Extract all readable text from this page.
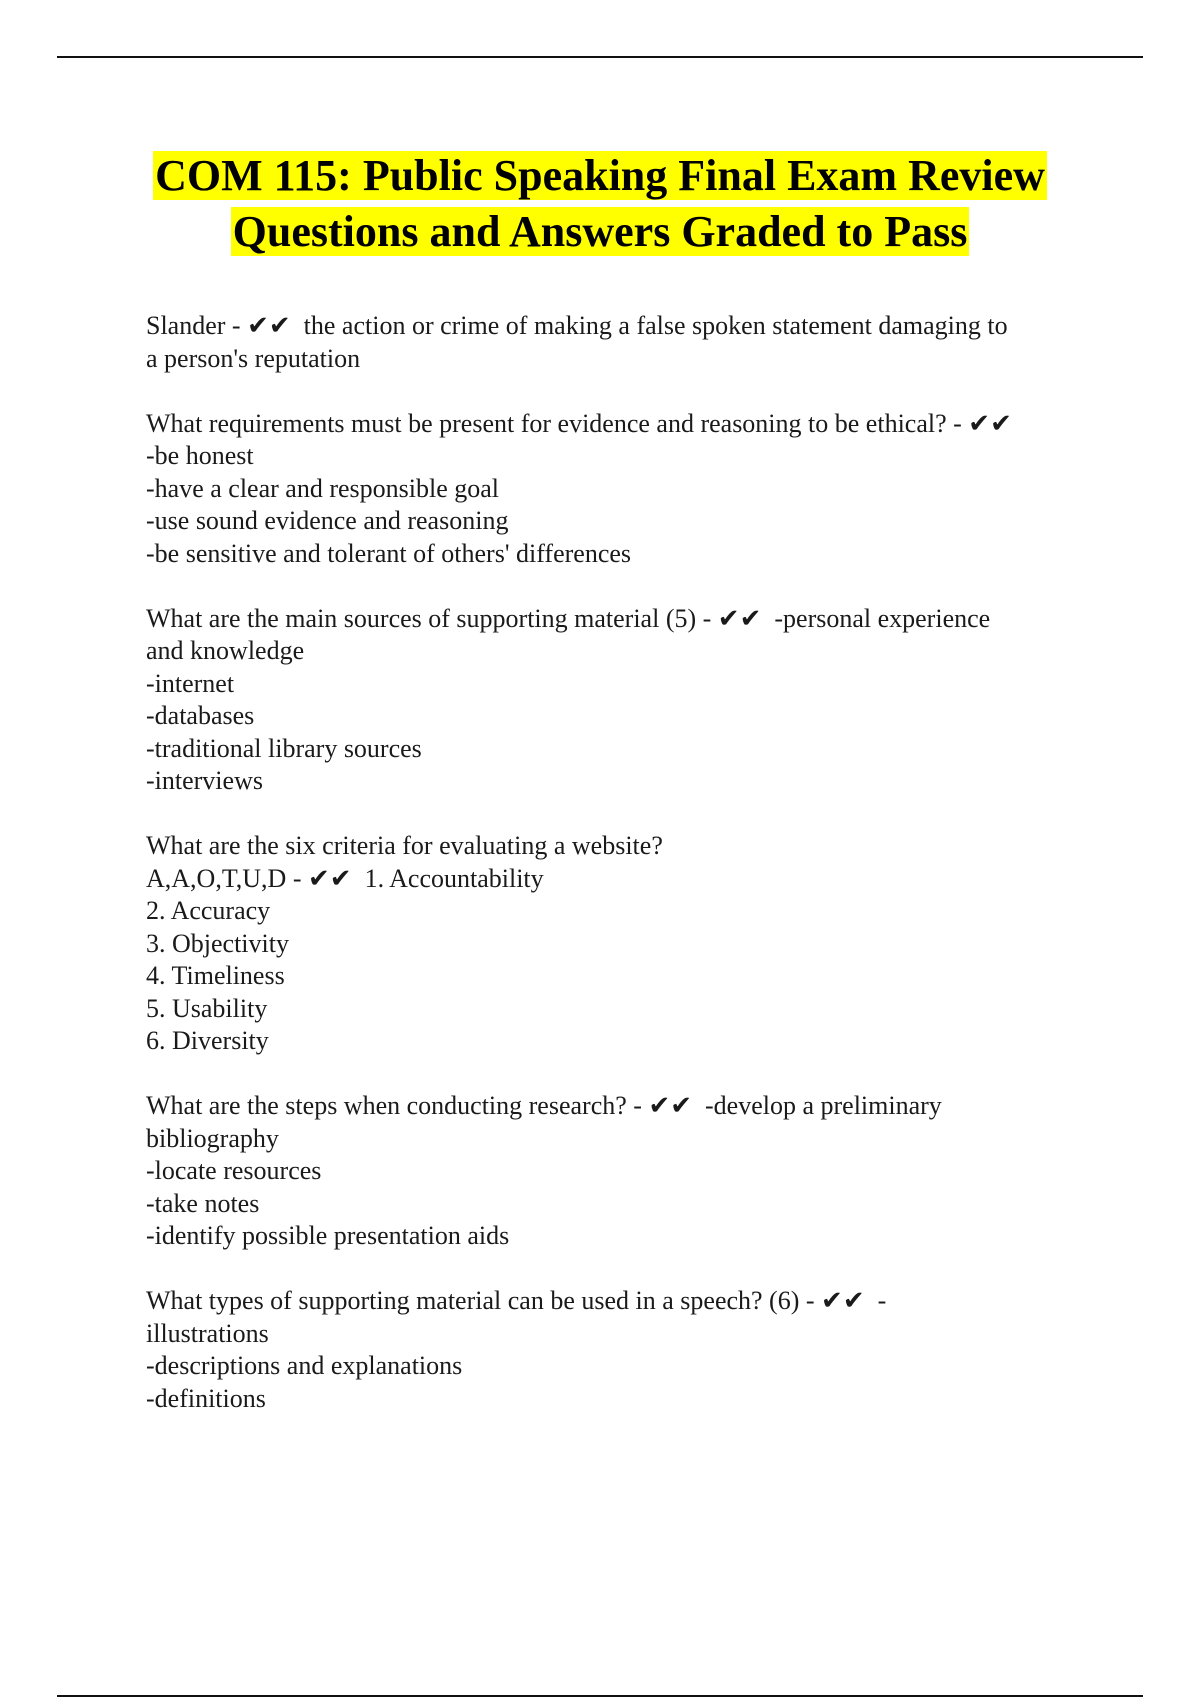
COM 115: Public Speaking Final Exam Review Questions and Answers Graded to Pass
Slander - ✔✔  the action or crime of making a false spoken statement damaging to
a person's reputation
What requirements must be present for evidence and reasoning to be ethical? - ✔✔
-be honest
-have a clear and responsible goal
-use sound evidence and reasoning
-be sensitive and tolerant of others' differences
What are the main sources of supporting material (5) - ✔✔  -personal experience
and knowledge
-internet
-databases
-traditional library sources
-interviews
What are the six criteria for evaluating a website?
A,A,O,T,U,D - ✔✔  1. Accountability
2. Accuracy
3. Objectivity
4. Timeliness
5. Usability
6. Diversity
What are the steps when conducting research? - ✔✔  -develop a preliminary
bibliography
-locate resources
-take notes
-identify possible presentation aids
What types of supporting material can be used in a speech? (6) - ✔✔  -
illustrations
-descriptions and explanations
-definitions
